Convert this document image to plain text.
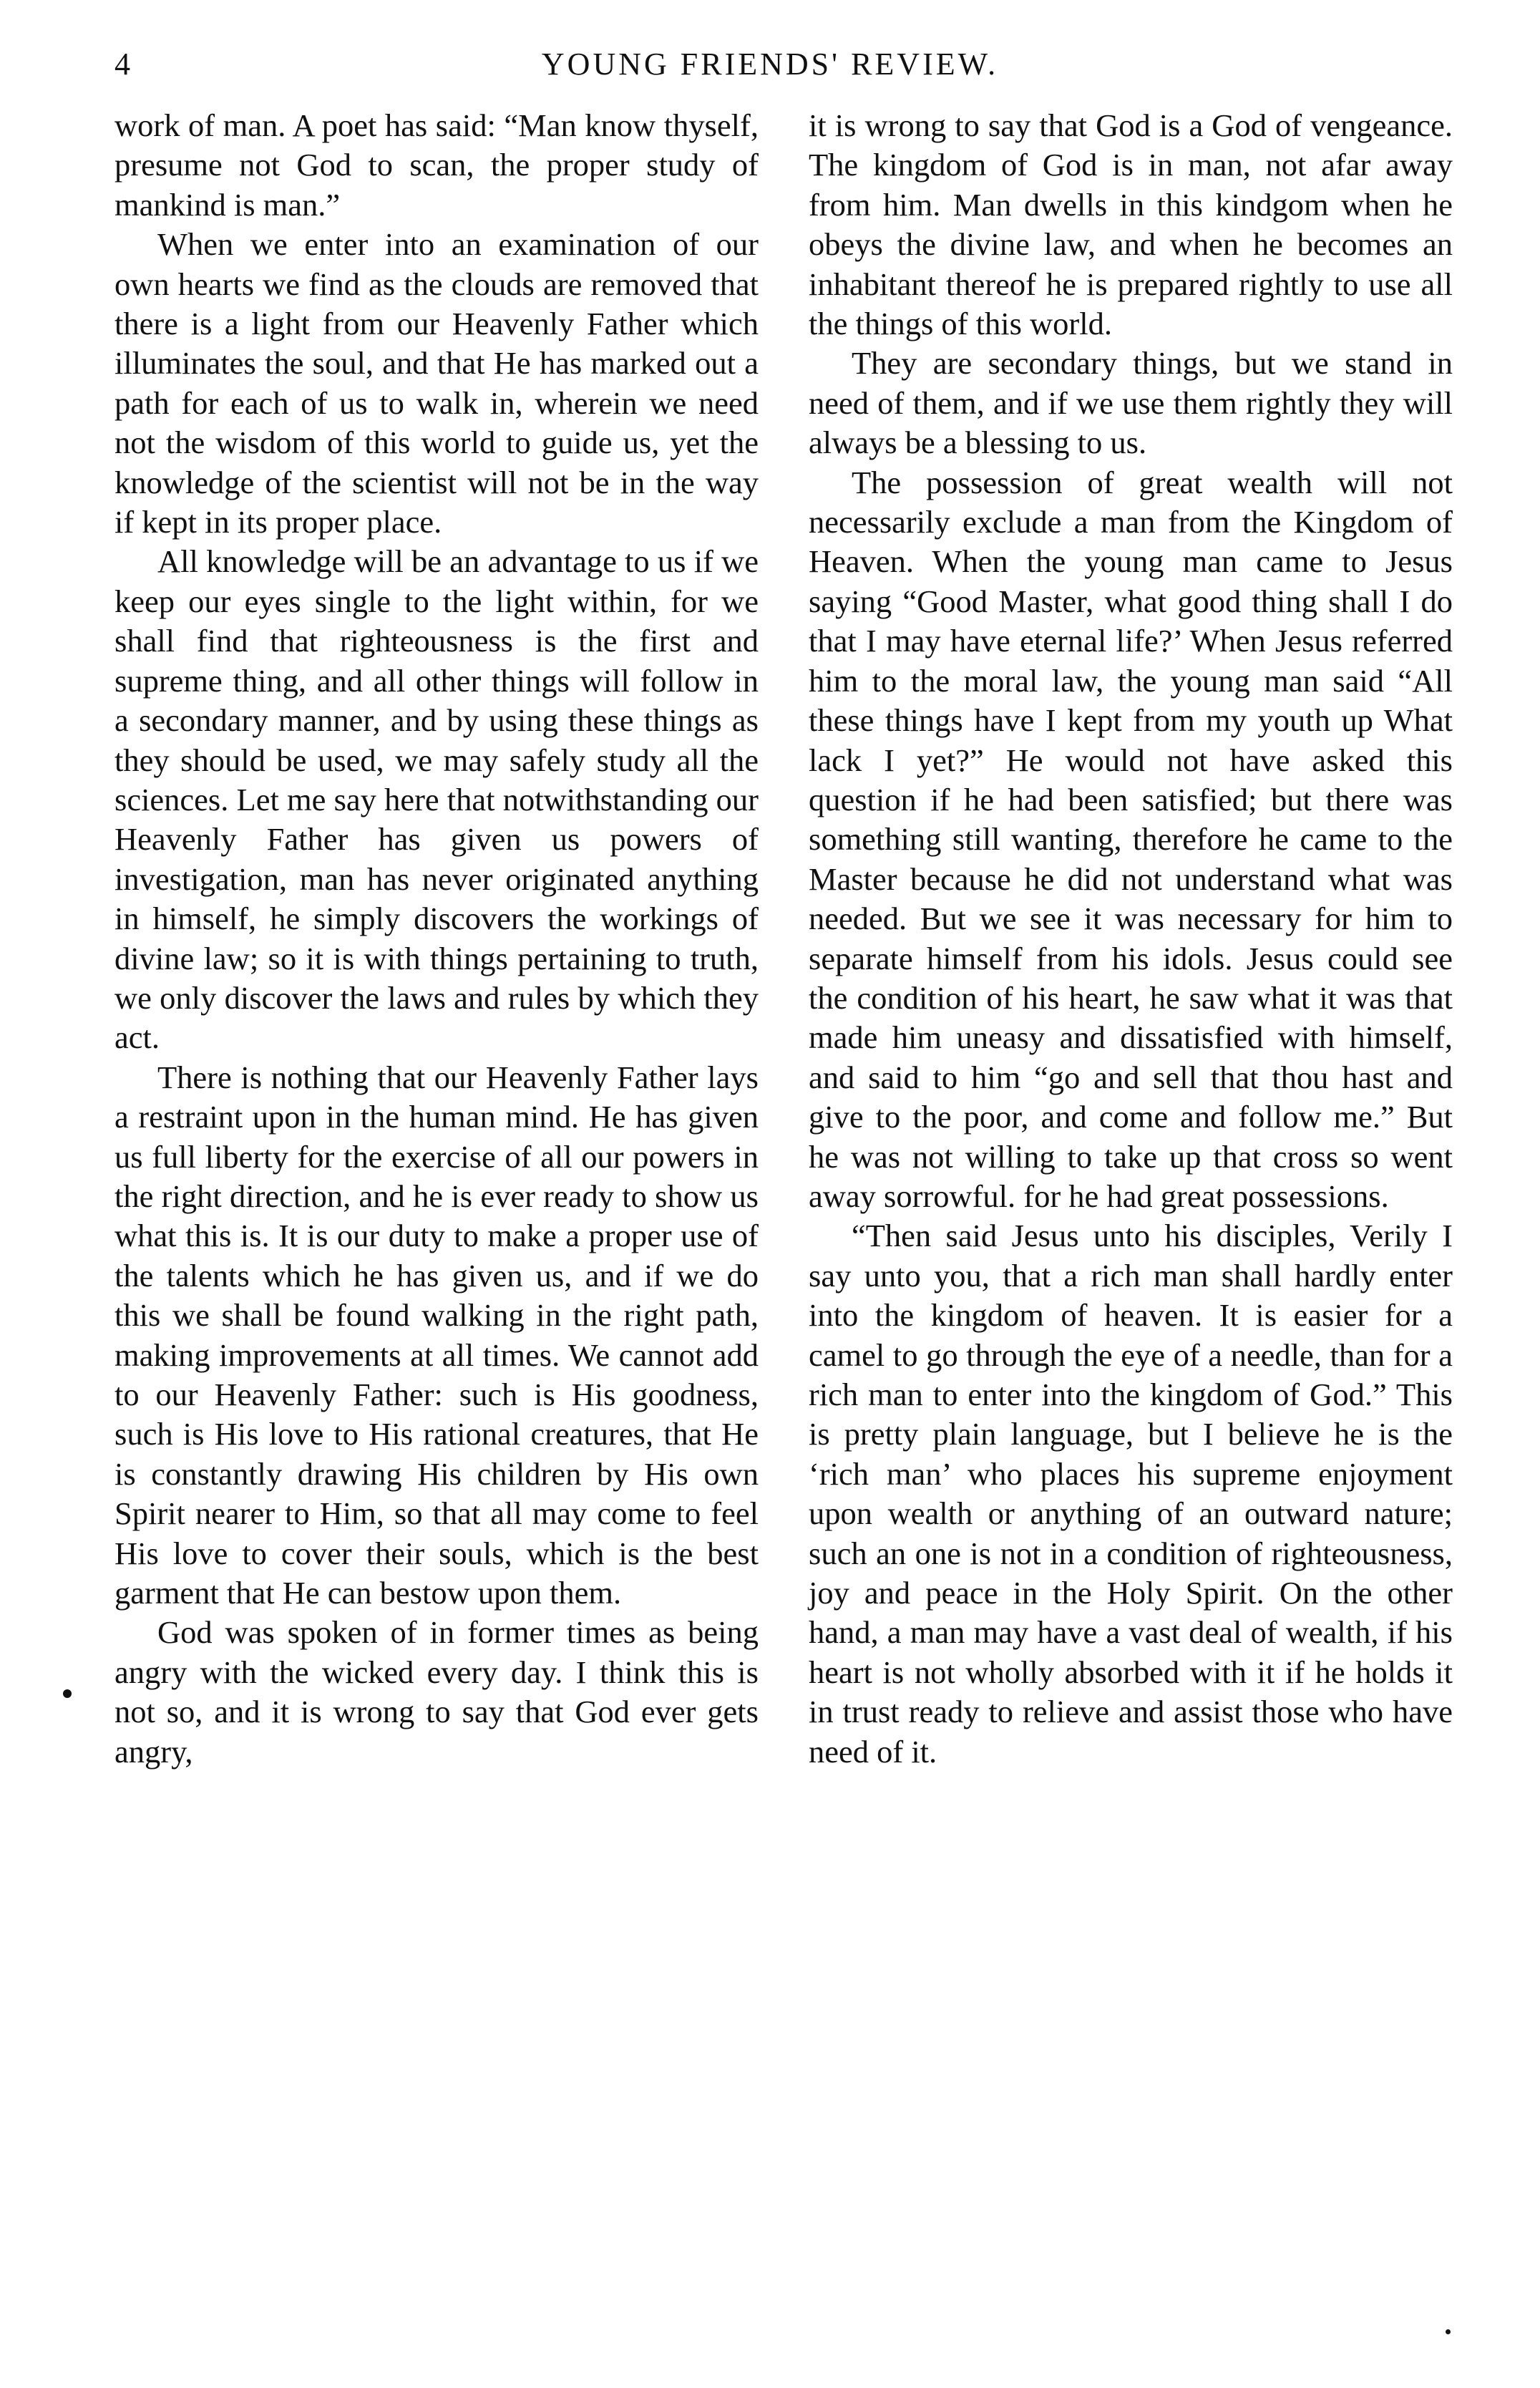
4	YOUNG FRIENDS' REVIEW.

work of man. A poet has said: “Man know thyself, presume not God to scan, the proper study of mankind is man.”

When we enter into an examination of our own hearts we find as the clouds are removed that there is a light from our Heavenly Father which illuminates the soul, and that He has marked out a path for each of us to walk in, wherein we need not the wisdom of this world to guide us, yet the knowledge of the scientist will not be in the way if kept in its proper place.

All knowledge will be an advantage to us if we keep our eyes single to the light within, for we shall find that righteousness is the first and supreme thing, and all other things will follow in a secondary manner, and by using these things as they should be used, we may safely study all the sciences. Let me say here that notwithstanding our Heavenly Father has given us powers of investigation, man has never originated anything in himself, he simply discovers the workings of divine law; so it is with things pertaining to truth, we only discover the laws and rules by which they act.

There is nothing that our Heavenly Father lays a restraint upon in the human mind. He has given us full liberty for the exercise of all our powers in the right direction, and he is ever ready to show us what this is. It is our duty to make a proper use of the talents which he has given us, and if we do this we shall be found walking in the right path, making improvements at all times. We cannot add to our Heavenly Father: such is His goodness, such is His love to His rational creatures, that He is constantly drawing His children by His own Spirit nearer to Him, so that all may come to feel His love to cover their souls, which is the best garment that He can bestow upon them.

God was spoken of in former times as being angry with the wicked every day. I think this is not so, and it is wrong to say that God ever gets angry,

it is wrong to say that God is a God of vengeance. The kingdom of God is in man, not afar away from him. Man dwells in this kindgom when he obeys the divine law, and when he becomes an inhabitant thereof he is prepared rightly to use all the things of this world.

They are secondary things, but we stand in need of them, and if we use them rightly they will always be a blessing to us.

The possession of great wealth will not necessarily exclude a man from the Kingdom of Heaven. When the young man came to Jesus saying “Good Master, what good thing shall I do that I may have eternal life?’ When Jesus referred him to the moral law, the young man said “All these things have I kept from my youth up What lack I yet?” He would not have asked this question if he had been satisfied; but there was something still wanting, therefore he came to the Master because he did not understand what was needed. But we see it was necessary for him to separate himself from his idols. Jesus could see the condition of his heart, he saw what it was that made him uneasy and dissatisfied with himself, and said to him “go and sell that thou hast and give to the poor, and come and follow me.” But he was not willing to take up that cross so went away sorrowful. for he had great possessions.

“Then said Jesus unto his disciples, Verily I say unto you, that a rich man shall hardly enter into the kingdom of heaven. It is easier for a camel to go through the eye of a needle, than for a rich man to enter into the kingdom of God.” This is pretty plain language, but I believe he is the ‘rich man’ who places his supreme enjoyment upon wealth or anything of an outward nature; such an one is not in a condition of righteousness, joy and peace in the Holy Spirit. On the other hand, a man may have a vast deal of wealth, if his heart is not wholly absorbed with it if he holds it in trust ready to relieve and assist those who have need of it.
